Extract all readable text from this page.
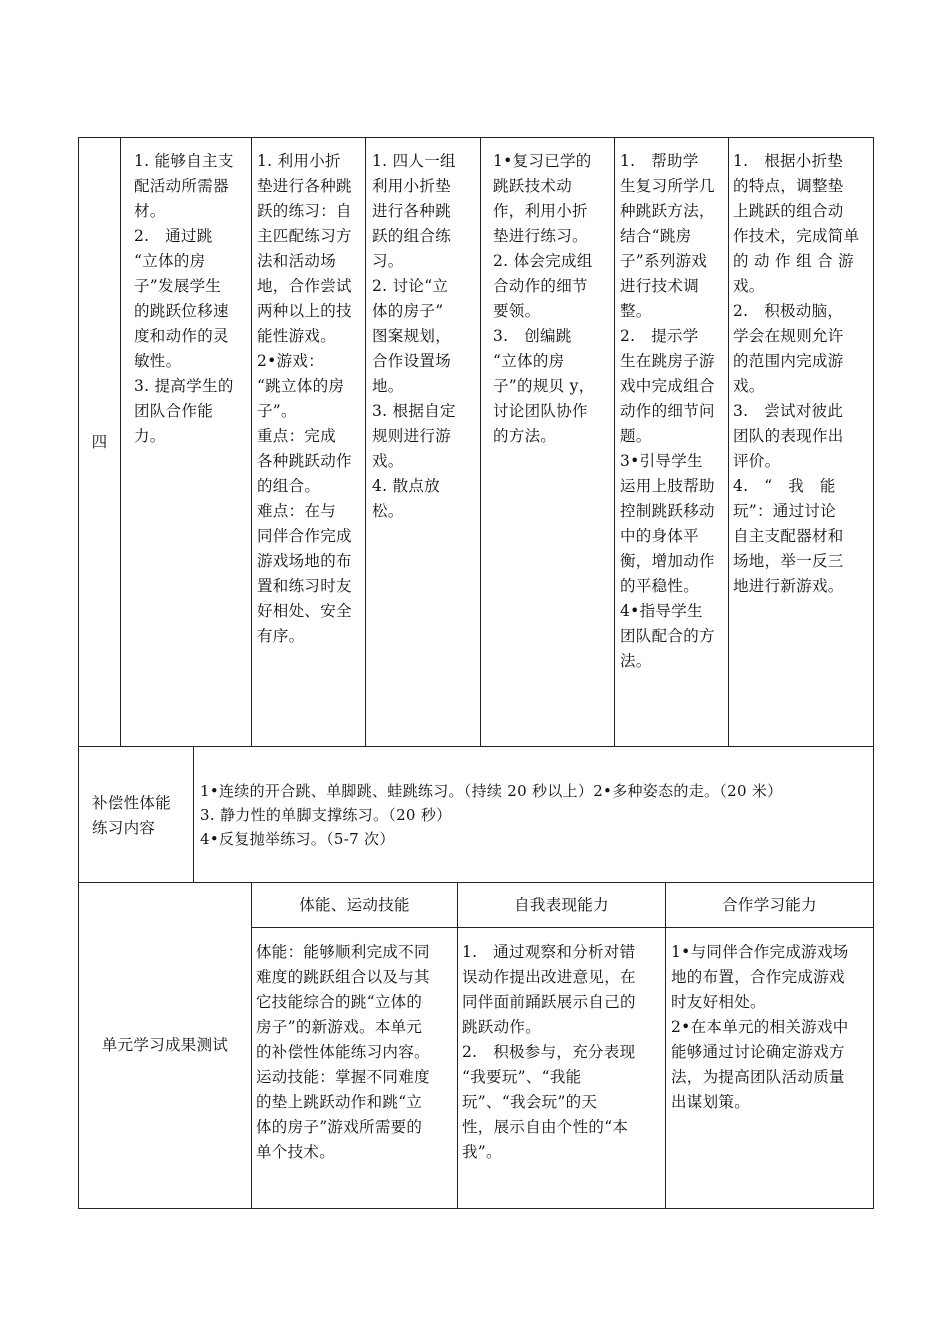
四
1. 能够自主支
配活动所需器
材。
2.　通过跳
“立体的房
子”发展学生
的跳跃位移速
度和动作的灵
敏性。
3. 提高学生的
团队合作能
力。
1. 利用小折
垫进行各种跳
跃的练习：自
主匹配练习方
法和活动场
地，合作尝试
两种以上的技
能性游戏。
2•游戏：
“跳立体的房
子”。
重点：完成
各种跳跃动作
的组合。
难点：在与
同伴合作完成
游戏场地的布
置和练习时友
好相处、安全
有序。
1. 四人一组
利用小折垫
进行各种跳
跃的组合练
习。
2. 讨论“立
体的房子”
图案规划，
合作设置场
地。
3. 根据自定
规则进行游
戏。
4. 散点放
松。
1•复习已学的
跳跃技术动
作，利用小折
垫进行练习。
2. 体会完成组
合动作的细节
要领。
3.　创编跳
“立体的房
子”的规贝 y，
讨论团队协作
的方法。
1.　帮助学
生复习所学几
种跳跃方法，
结合“跳房
子”系列游戏
进行技术调
整。
2.　提示学
生在跳房子游
戏中完成组合
动作的细节问
题。
3•引导学生
运用上肢帮助
控制跳跃移动
中的身体平
衡，增加动作
的平稳性。
4•指导学生
团队配合的方
法。
1.　根据小折垫
的特点，调整垫
上跳跃的组合动
作技术，完成简单
的 动 作 组 合 游
戏。
2.　积极动脑，
学会在规则允许
的范围内完成游
戏。
3.　尝试对彼此
团队的表现作出
评价。
4.　“　我　能
玩”：通过讨论
自主支配器材和
场地，举一反三
地进行新游戏。
补偿性体能
练习内容
1•连续的开合跳、单脚跳、蛙跳练习。（持续 20 秒以上）2•多种姿态的走。（20 米）
3. 静力性的单脚支撑练习。（20 秒）
4•反复抛举练习。（5-7 次）
单元学习成果测试
体能、运动技能	自我表现能力	合作学习能力
体能：能够顺利完成不同
难度的跳跃组合以及与其
它技能综合的跳“立体的
房子”的新游戏。本单元
的补偿性体能练习内容。
运动技能：掌握不同难度
的垫上跳跃动作和跳“立
体的房子”游戏所需要的
单个技术。
1.　通过观察和分析对错
误动作提出改进意见，在
同伴面前踊跃展示自己的
跳跃动作。
2.　积极参与，充分表现
“我要玩”、“我能
玩”、“我会玩”的天
性，展示自由个性的“本
我”。
1•与同伴合作完成游戏场
地的布置，合作完成游戏
时友好相处。
2•在本单元的相关游戏中
能够通过讨论确定游戏方
法，为提高团队活动质量
出谋划策。
